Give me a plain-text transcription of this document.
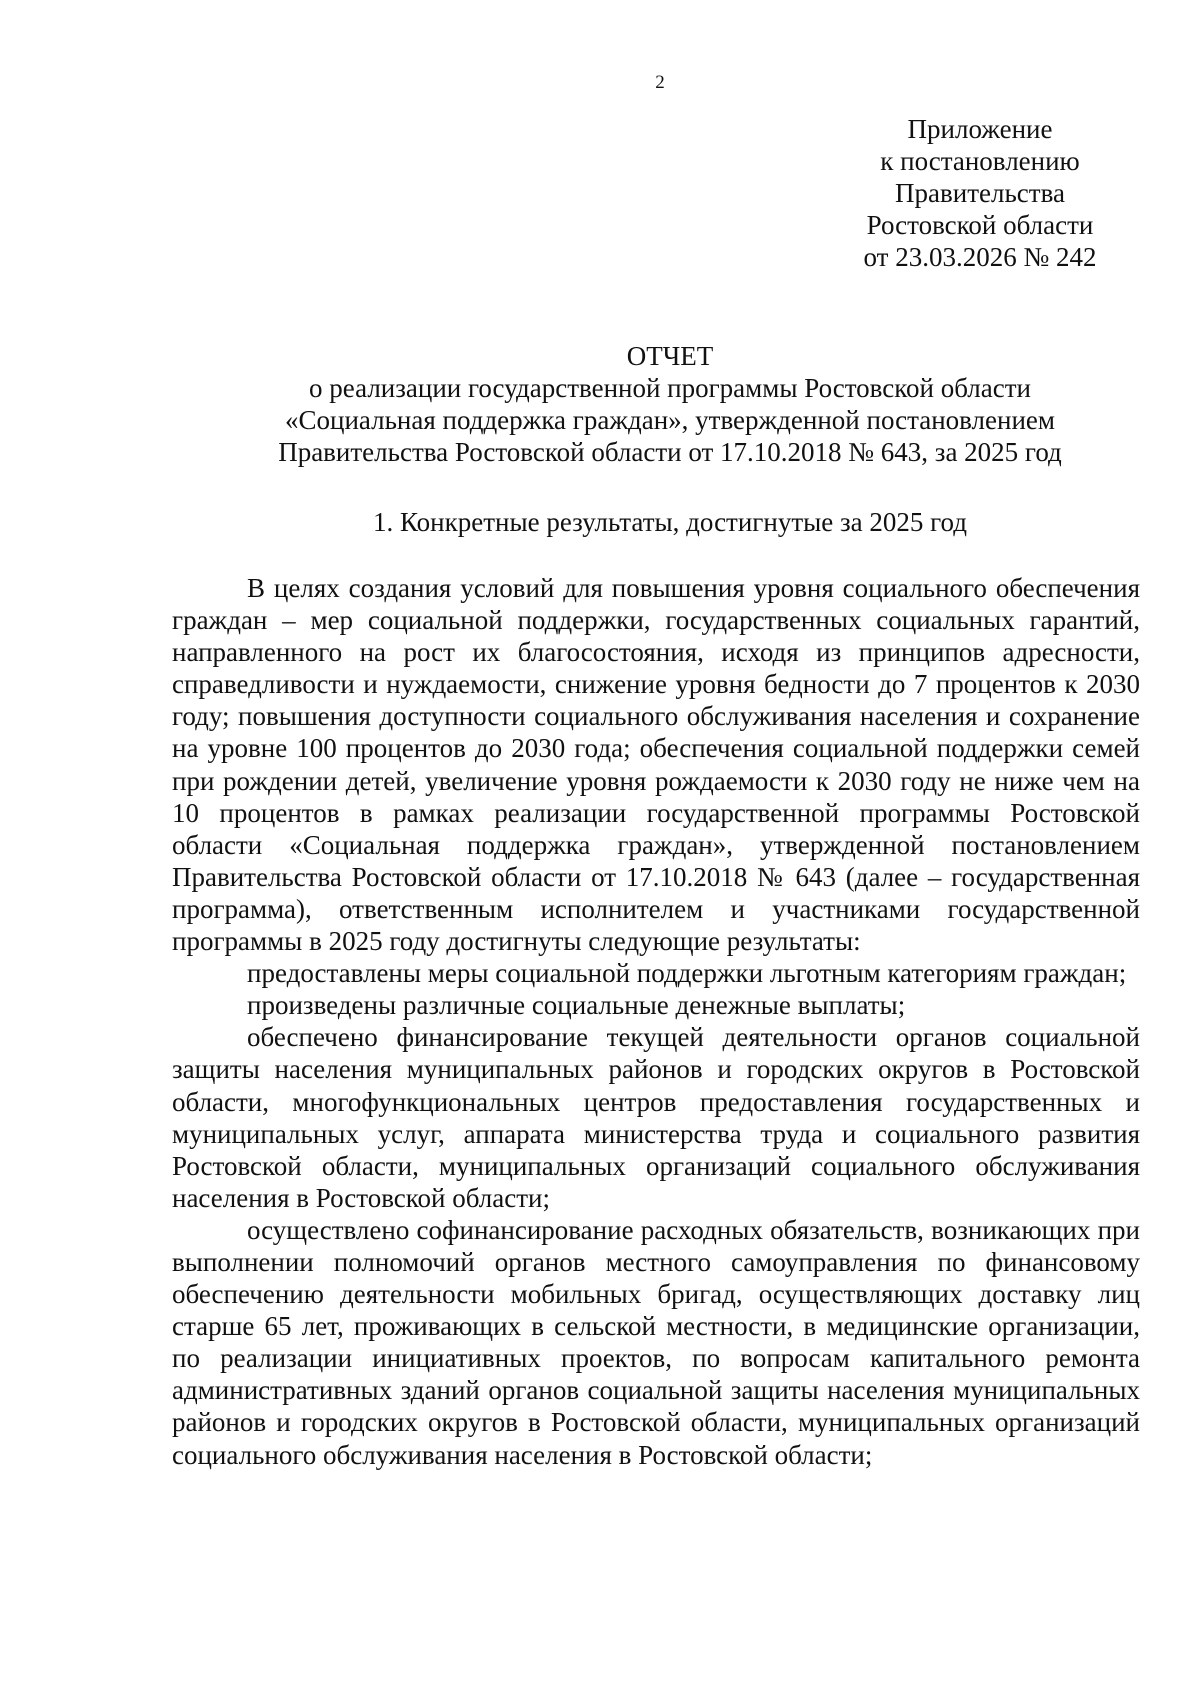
2
Приложение
к постановлению
Правительства
Ростовской области
от 23.03.2026 № 242
ОТЧЕТ
о реализации государственной программы Ростовской области
«Социальная поддержка граждан», утвержденной постановлением
Правительства Ростовской области от 17.10.2018 № 643, за 2025 год
1. Конкретные результаты, достигнутые за 2025 год

В целях создания условий для повышения уровня социального обеспечения граждан – мер социальной поддержки, государственных социальных гарантий, направленного на рост их благосостояния, исходя из принципов адресности, справедливости и нуждаемости, снижение уровня бедности до 7 процентов к 2030 году; повышения доступности социального обслуживания населения и сохранение на уровне 100 процентов до 2030 года; обеспечения социальной поддержки семей при рождении детей, увеличение уровня рождаемости к 2030 году не ниже чем на 10 процентов в рамках реализации государственной программы Ростовской области «Социальная поддержка граждан», утвержденной постановлением Правительства Ростовской области от 17.10.2018 № 643 (далее – государственная программа), ответственным исполнителем и участниками государственной программы в 2025 году достигнуты следующие результаты:

предоставлены меры социальной поддержки льготным категориям граждан;

произведены различные социальные денежные выплаты;

обеспечено финансирование текущей деятельности органов социальной защиты населения муниципальных районов и городских округов в Ростовской области, многофункциональных центров предоставления государственных и муниципальных услуг, аппарата министерства труда и социального развития Ростовской области, муниципальных организаций социального обслуживания населения в Ростовской области;

осуществлено софинансирование расходных обязательств, возникающих при выполнении полномочий органов местного самоуправления по финансовому обеспечению деятельности мобильных бригад, осуществляющих доставку лиц старше 65 лет, проживающих в сельской местности, в медицинские организации, по реализации инициативных проектов, по вопросам капитального ремонта административных зданий органов социальной защиты населения муниципальных районов и городских округов в Ростовской области, муниципальных организаций социального обслуживания населения в Ростовской области;
